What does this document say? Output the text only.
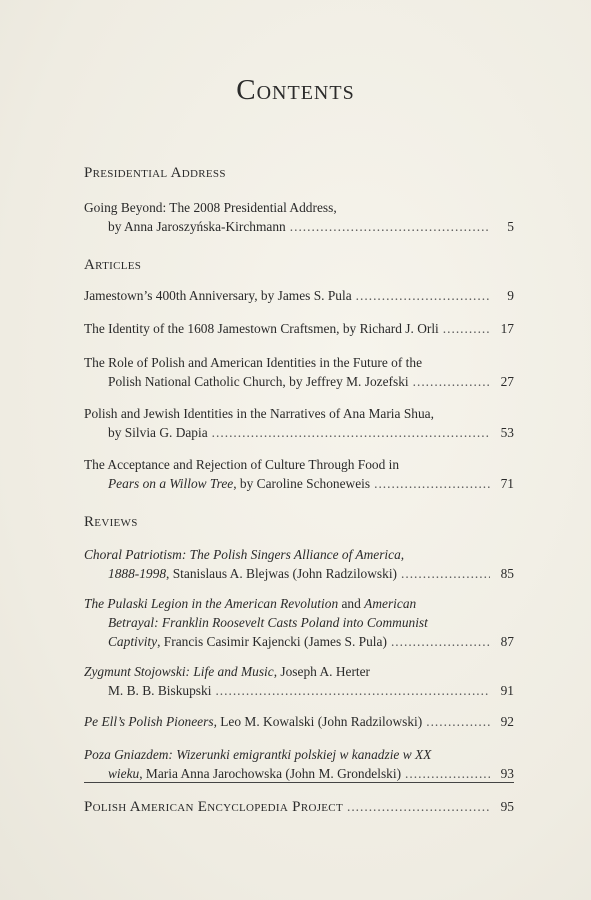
Contents
Presidential Address
Going Beyond: The 2008 Presidential Address,
by Anna Jaroszyńska-Kirchmann .....	5
Articles
Jamestown’s 400th Anniversary, by James S. Pula .....	9
The Identity of the 1608 Jamestown Craftsmen, by Richard J. Orli .....	17
The Role of Polish and American Identities in the Future of the
Polish National Catholic Church, by Jeffrey M. Jozefski .....	27
Polish and Jewish Identities in the Narratives of Ana Maria Shua,
by Silvia G. Dapia .....	53
The Acceptance and Rejection of Culture Through Food in
Pears on a Willow Tree , by Caroline Schoneweis .....	71
Reviews
Choral Patriotism: The Polish Singers Alliance of America,
1888-1998 , Stanislaus A. Blejwas (John Radzilowski) .....	85
The Pulaski Legion in the American Revolution and American
Betrayal: Franklin Roosevelt Casts Poland into Communist
Captivity , Francis Casimir Kajencki (James S. Pula) .....	87
Zygmunt Stojowski: Life and Music , Joseph A. Herter
M. B. B. Biskupski .....	91
Pe Ell’s Polish Pioneers , Leo M. Kowalski (John Radzilowski) .....	92
Poza Gniazdem: Wizerunki emigrantki polskiej w kanadzie w XX
wieku , Maria Anna Jarochowska (John M. Grondelski) .....	93
Polish American Encyclopedia Project .....	95
